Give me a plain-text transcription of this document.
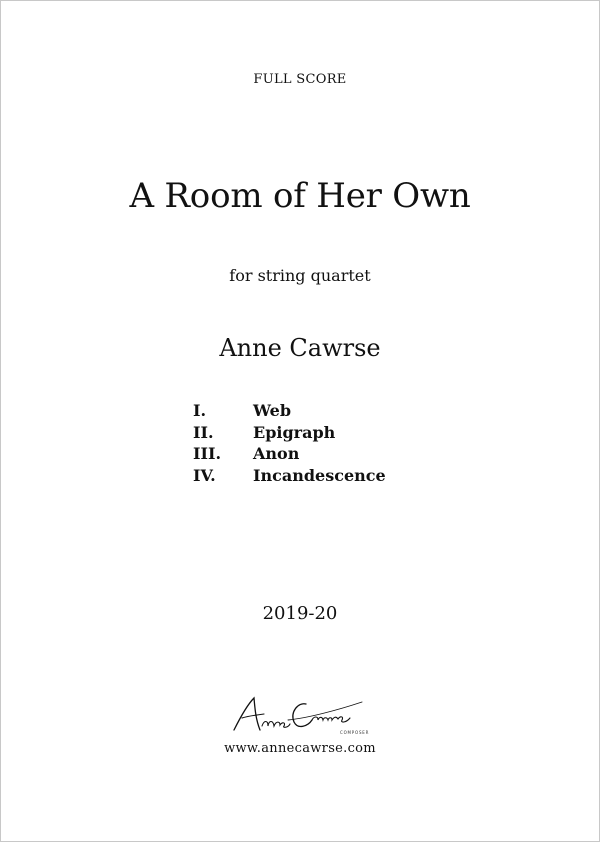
FULL SCORE
A Room of Her Own
for string quartet
Anne Cawrse
I.	Web
II.	Epigraph
III.	Anon
IV.	Incandescence
2019-20
COMPOSER
www.annecawrse.com
